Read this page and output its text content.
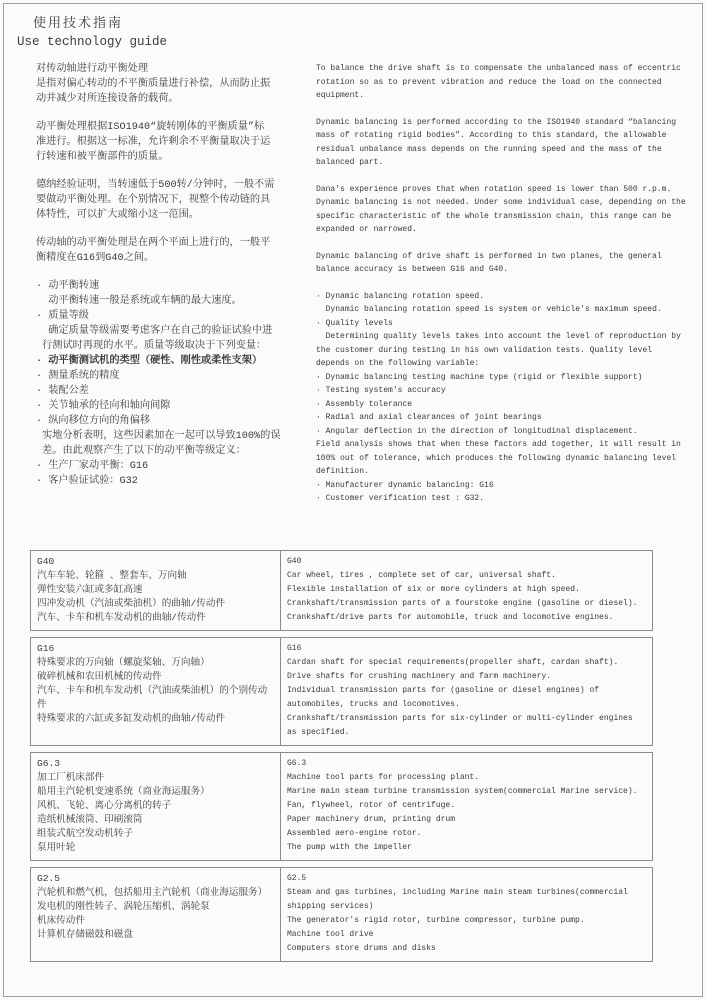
使用技术指南
Use technology guide
对传动轴进行动平衡处理
是指对偏心转动的不平衡质量进行补偿，从而防止振
动并减少对所连接设备的载荷。
动平衡处理根据ISO1940“旋转刚体的平衡质量”标
准进行。根据这一标准，允许剩余不平衡量取决于运
行转速和被平衡部件的质量。
德纳经验证明，当转速低于500转/分钟时，一般不需
要做动平衡处理。在个别情况下，视整个传动链的具
体特性，可以扩大或缩小这一范围。
传动轴的动平衡处理是在两个平面上进行的，一般平
衡精度在G16到G40之间。
· 动平衡转速
动平衡转速一般是系统或车辆的最大速度。
· 质量等级
确定质量等级需要考虑客户在自己的验证试验中进
行测试时再现的水平。质量等级取决于下列变量：
· 动平衡测试机的类型（硬性、刚性或柔性支架）
· 测量系统的精度
· 装配公差
· 关节轴承的径向和轴向间隙
· 纵向移位方向的角偏移
实地分析表明，这些因素加在一起可以导致100%的误
差。由此观察产生了以下的动平衡等级定义：
· 生产厂家动平衡：G16
· 客户验证试验：G32
To balance the drive shaft is to compensate the unbalanced mass of eccentric
rotation so as to prevent vibration and reduce the load on the connected
equipment.
Dynamic balancing is performed according to the ISO1940 standard “balancing
mass of rotating rigid bodies”. According to this standard, the allowable
residual unbalance mass depends on the running speed and the mass of the
balanced part.
Dana's experience proves that when rotation speed is lower than 500 r.p.m.
Dynamic balancing is not needed. Under some individual case, depending on the
specific characteristic of the whole transmission chain, this range can be
expanded or narrowed.
Dynamic balancing of drive shaft is performed in two planes, the general
balance accuracy is between G16 and G40.
· Dynamic balancing rotation speed.
Dynamic balancing rotation speed is system or vehicle's maximum speed.
· Quality levels
Determining quality levels takes into account the level of reproduction by
the customer during testing in his own validation tests. Quality level
depends on the following variable:
· Dynamic balancing testing machine type (rigid or flexible support)
· Testing system's accuracy
· Assembly tolerance
· Radial and axial clearances of joint bearings
· Angular deflection in the direction of longitudinal displacement.
Field analysis shows that when these factors add together, it will result in
100% out of tolerance, which produces the following dynamic balancing level
definition.
· Manufacturer dynamic balancing: G16
· Customer verification test : G32.
G40
汽车车轮、轮箍 、整套车、万向轴
弹性安装六缸或多缸高速
四冲发动机（汽油或柴油机）的曲轴/传动件
汽车、卡车和机车发动机的曲轴/传动件
G40
Car wheel, tires , complete set of car, universal shaft.
Flexible installation of six or more cylinders at high speed.
Crankshaft/transmission parts of a fourstoke engine (gasoline or diesel).
Crankshaft/drive parts for automobile, truck and locomotive engines.
G16
特殊要求的万向轴（螺旋桨轴、万向轴）
破碎机械和农田机械的传动件
汽车、卡车和机车发动机（汽油或柴油机）的个别传动件
特殊要求的六缸或多缸发动机的曲轴/传动件
G16
Cardan shaft for special requirements(propeller shaft, cardan shaft).
Drive shafts for crushing machinery and farm machinery.
Individual transmission parts for (gasoline or diesel engines) of automobiles, trucks and locomotives.
Crankshaft/transmission parts for six-cylinder or multi-cylinder engines as specified.
G6.3
加工厂机床部件
船用主汽轮机变速系统（商业海运服务）
风机、飞轮、离心分离机的转子
造纸机械滚筒、印刷滚筒
组装式航空发动机转子
泵用叶轮
G6.3
Machine tool parts for processing plant.
Marine main steam turbine transmission system(commercial Marine service).
Fan, flywheel, rotor of centrifuge.
Paper machinery drum, printing drum
Assembled aero-engine rotor.
The pump with the impeller
G2.5
汽轮机和燃气机，包括船用主汽轮机（商业海运服务）
发电机的刚性转子、涡轮压缩机、涡轮泵
机床传动件
计算机存储磁鼓和磁盘
G2.5
Steam and gas turbines, including Marine main steam turbines(commercial shipping services)
The generator's rigid rotor, turbine compressor, turbine pump.
Machine tool drive
Computers store drums and disks
